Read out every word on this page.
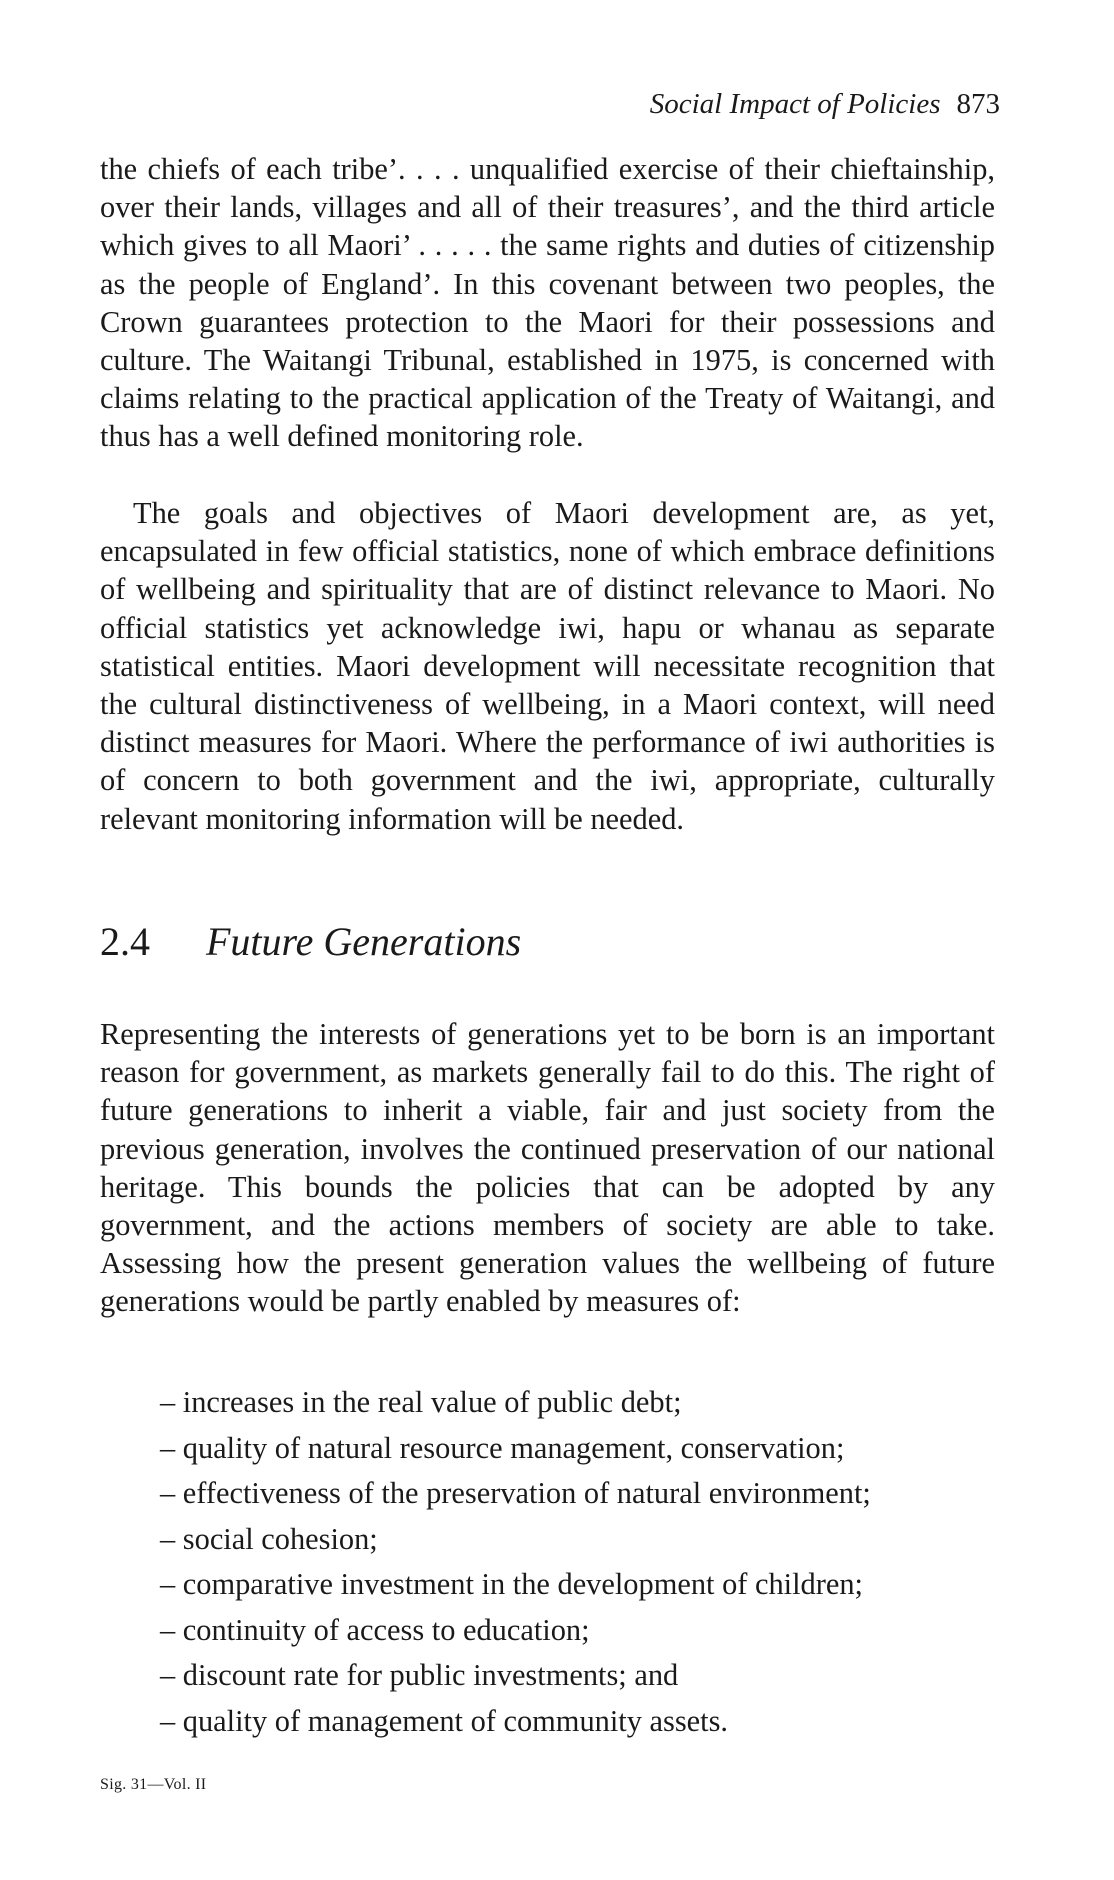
Social Impact of Policies 873

the chiefs of each tribe’. . . . unqualified exercise of their chieftainship, over their lands, villages and all of their treasures’, and the third article which gives to all Maori’ . . . . . the same rights and duties of citizenship as the people of England’. In this covenant between two peoples, the Crown guarantees protection to the Maori for their possessions and culture. The Waitangi Tribunal, established in 1975, is concerned with claims relating to the practical application of the Treaty of Waitangi, and thus has a well defined monitoring role.

The goals and objectives of Maori development are, as yet, encapsulated in few official statistics, none of which embrace definitions of wellbeing and spirituality that are of distinct relevance to Maori. No official statistics yet acknowledge iwi, hapu or whanau as separate statistical entities. Maori development will necessitate recognition that the cultural distinctiveness of wellbeing, in a Maori context, will need distinct measures for Maori. Where the performance of iwi authorities is of concern to both government and the iwi, appropriate, culturally relevant monitoring information will be needed.

2.4 Future Generations

Representing the interests of generations yet to be born is an important reason for government, as markets generally fail to do this. The right of future generations to inherit a viable, fair and just society from the previous generation, involves the continued preservation of our national heritage. This bounds the policies that can be adopted by any government, and the actions members of society are able to take. Assessing how the present generation values the wellbeing of future generations would be partly enabled by measures of:

– increases in the real value of public debt;
– quality of natural resource management, conservation;
– effectiveness of the preservation of natural environment;
– social cohesion;
– comparative investment in the development of children;
– continuity of access to education;
– discount rate for public investments; and
– quality of management of community assets.
Sig. 31—Vol. II
